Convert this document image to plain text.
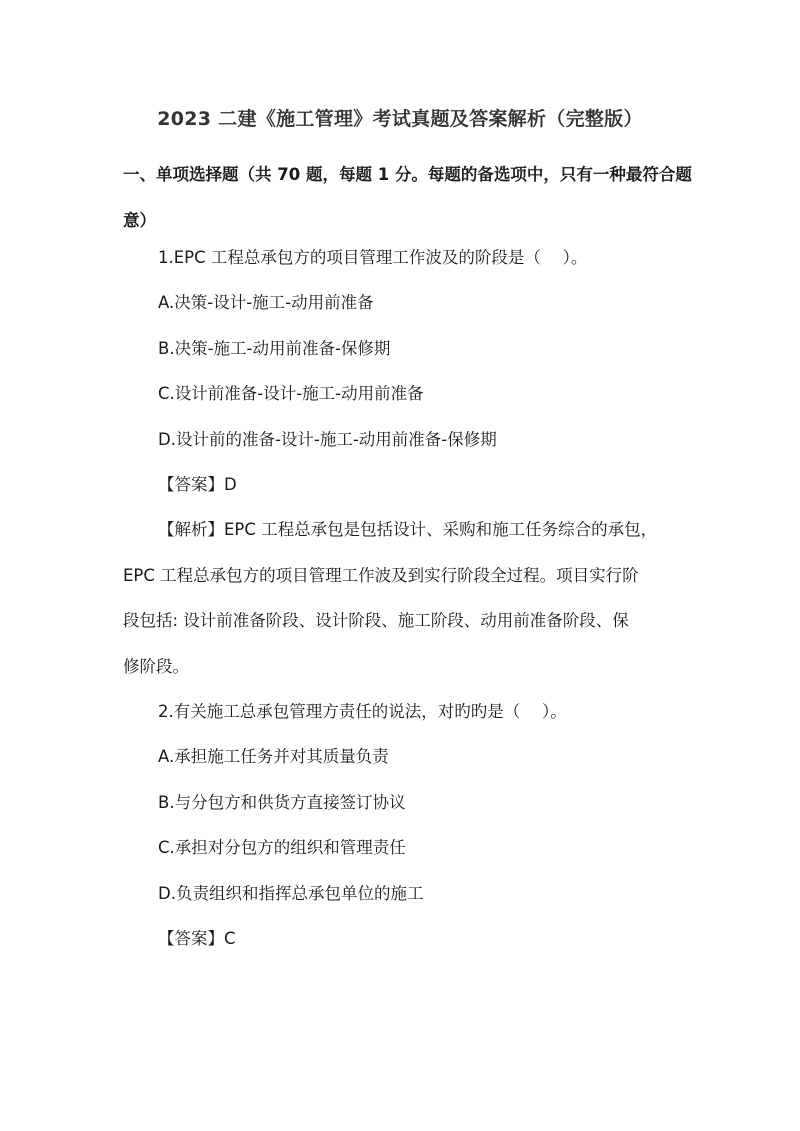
2023 二建《施工管理》考试真题及答案解析（完整版）
一、单项选择题（共 70 题，每题 1 分。每题的备选项中，只有一种最符合题意）
1.EPC 工程总承包方的项目管理工作波及的阶段是（　 ）。
A.决策-设计-施工-动用前准备
B.决策-施工-动用前准备-保修期
C.设计前准备-设计-施工-动用前准备
D.设计前的准备-设计-施工-动用前准备-保修期
【答案】D
【解析】EPC 工程总承包是包括设计、采购和施工任务综合的承包，
EPC 工程总承包方的项目管理工作波及到实行阶段全过程。项目实行阶
段包括: 设计前准备阶段、设计阶段、施工阶段、动用前准备阶段、保
修阶段。
2.有关施工总承包管理方责任的说法，对旳旳是（　 ）。
A.承担施工任务并对其质量负责
B.与分包方和供货方直接签订协议
C.承担对分包方的组织和管理责任
D.负责组织和指挥总承包单位的施工
【答案】C
